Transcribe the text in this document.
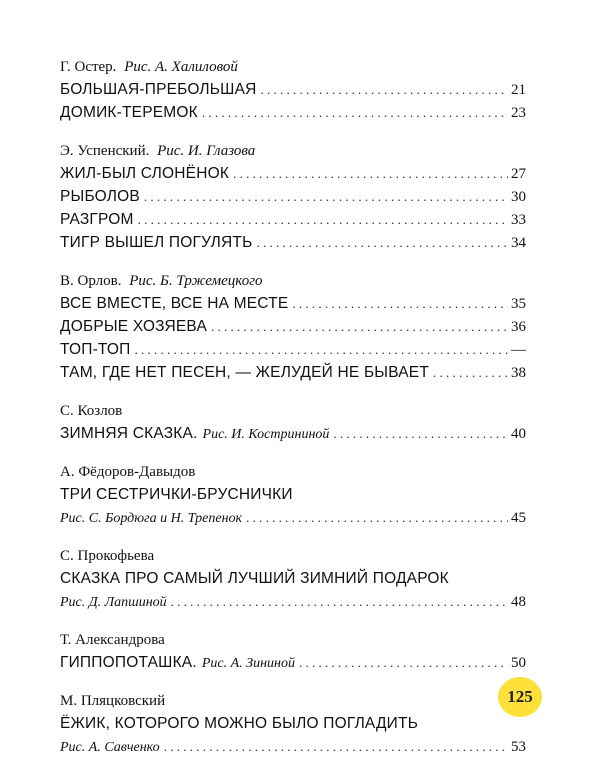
Г. Остер. Рис. А. Халиловой
БОЛЬШАЯ-ПРЕБОЛЬШАЯ . . .	21
ДОМИК-ТЕРЕМОК . . .	23
Э. Успенский. Рис. И. Глазова
ЖИЛ-БЫЛ СЛОНЁНОК . . .	27
РЫБОЛОВ . . .	30
РАЗГРОМ . . .	33
ТИГР ВЫШЕЛ ПОГУЛЯТЬ . . .	34
В. Орлов. Рис. Б. Тржемецкого
ВСЕ ВМЕСТЕ, ВСЕ НА МЕСТЕ . . .	35
ДОБРЫЕ ХОЗЯЕВА . . .	36
ТОП-ТОП . . .	—
ТАМ, ГДЕ НЕТ ПЕСЕН, — ЖЕЛУДЕЙ НЕ БЫВАЕТ . . .	38
С. Козлов
ЗИМНЯЯ СКАЗКА. Рис. И. Кострининой . . .	40
А. Фёдоров-Давыдов
ТРИ СЕСТРИЧКИ-БРУСНИЧКИ
Рис. С. Бордюга и Н. Трепенок . . .	45
С. Прокофьева
СКАЗКА ПРО САМЫЙ ЛУЧШИЙ ЗИМНИЙ ПОДАРОК
Рис. Д. Лапшиной . . .	48
Т. Александрова
ГИППОПОТАШКА. Рис. А. Зининой . . .	50
М. Пляцковский
ЁЖИК, КОТОРОГО МОЖНО БЫЛО ПОГЛАДИТЬ
Рис. А. Савченко . . .	53
125
